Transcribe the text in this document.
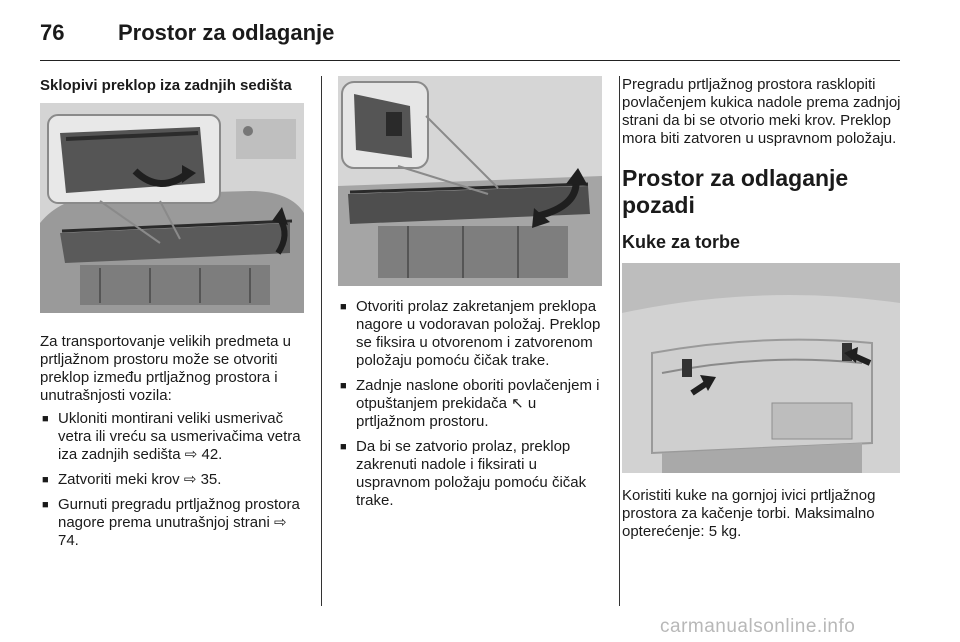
76 Prostor za odlaganje
Sklopivi preklop iza zadnjih sedišta
Za transportovanje velikih predmeta u prtljažnom prostoru može se otvoriti preklop između prtljažnog prostora i unutrašnjosti vozila:
■ Ukloniti montirani veliki usmerivač vetra ili vreću sa usmerivačima vetra iza zadnjih sedišta ⇨ 42.
■ Zatvoriti meki krov ⇨ 35.
■ Gurnuti pregradu prtljažnog prostora nagore prema unutrašnjoj strani ⇨ 74.
■ Otvoriti prolaz zakretanjem preklopa nagore u vodoravan položaj. Preklop se fiksira u otvorenom i zatvorenom položaju pomoću čičak trake.
■ Zadnje naslone oboriti povlačenjem i otpuštanjem prekidača ↖ u prtljažnom prostoru.
■ Da bi se zatvorio prolaz, preklop zakrenuti nadole i fiksirati u uspravnom položaju pomoću čičak trake.
Pregradu prtljažnog prostora rasklopiti povlačenjem kukica nadole prema zadnjoj strani da bi se otvorio meki krov. Preklop mora biti zatvoren u uspravnom položaju.
Prostor za odlaganje pozadi
Kuke za torbe
Koristiti kuke na gornjoj ivici prtljažnog prostora za kačenje torbi. Maksimalno opterećenje: 5 kg.
carmanualsonline.info
